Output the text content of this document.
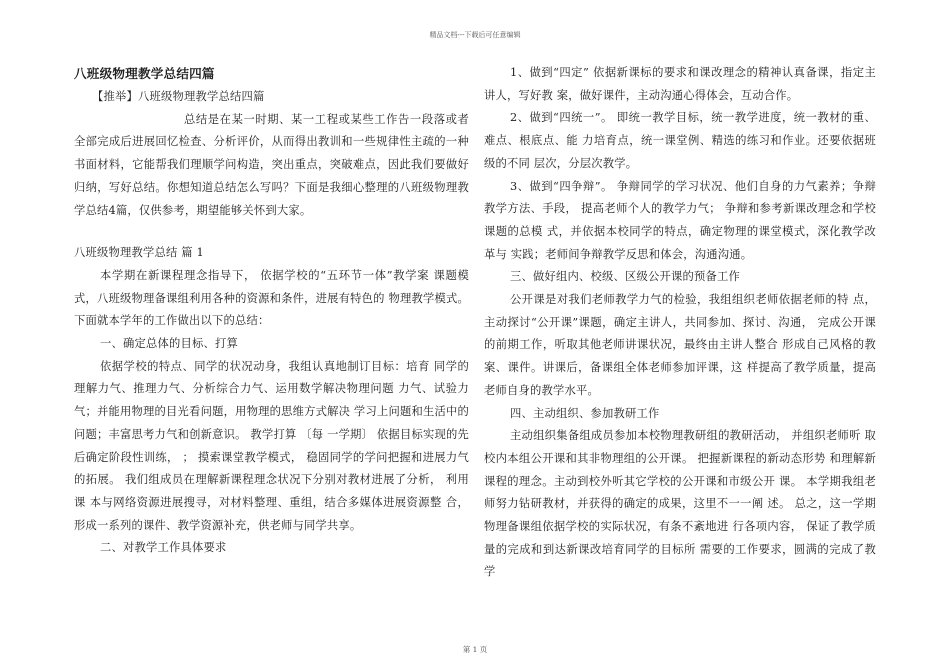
精品文档---下载后可任意编辑

八班级物理教学总结四篇

【推举】八班级物理教学总结四篇

总结是在某一时期、某一工程或某些工作告一段落或者全部完成后进展回忆检查、分析评价，从而得出教训和一些规律性主疏的一种书面材料，它能帮我们理顺学问构造，突出重点，突破难点，因此我们要做好归纳，写好总结。你想知道总结怎么写吗？下面是我细心整理的八班级物理教学总结4篇，仅供参考，期望能够关怀到大家。

八班级物理教学总结 篇 1

本学期在新课程理念指导下， 依据学校的“五环节一体”教学案 课题模式，八班级物理备课组利用各种的资源和条件，进展有特色的 物理教学模式。下面就本学年的工作做出以下的总结：

一、确定总体的目标、打算

依据学校的特点、同学的状况动身，我组认真地制订目标：培育 同学的理解力气、推理力气、分析综合力气、运用数学解决物理问题 力气、试验力气；并能用物理的目光看问题，用物理的思维方式解决 学习上问题和生活中的问题；丰富思考力气和创新意识。 教学打算 〔每 一学期〕 依据目标实现的先后确定阶段性训练， ； 摸索课堂教学模式， 稳固同学的学问把握和进展力气的拓展。 我们组成员在理解新课程理念状况下分别对教材进展了分析， 利用课 本与网络资源进展搜寻，对材料整理、重组，结合多媒体进展资源整 合，形成一系列的课件、教学资源补充，供老师与同学共享。

二、对教学工作具体要求

1、做到“四定” 依据新课标的要求和课改理念的精神认真备课，指定主讲人，写好教 案，做好课件，主动沟通心得体会，互动合作。

2、做到“四统一”。 即统一教学目标，统一教学进度，统一教材的重、难点、根底点、能 力培育点，统一课堂例、精选的练习和作业。还要依据班级的不同 层次，分层次教学。

3、做到“四争辩”。 争辩同学的学习状况、他们自身的力气素养；争辩教学方法、手段， 提高老师个人的教学力气； 争辩和参考新课改理念和学校课题的总模 式，并依据本校同学的特点，确定物理的课堂模式，深化教学改革与 实践；老师间争辩教学反思和体会，沟通沟通。

三、做好组内、校级、区级公开课的预备工作

公开课是对我们老师教学力气的检验，我组组织老师依据老师的特 点，主动探讨“公开课”课题，确定主讲人，共同参加、探讨、沟通， 完成公开课的前期工作，听取其他老师讲课状况，最终由主讲人整合 形成自己风格的教案、课件。讲课后，备课组全体老师参加评课，这 样提高了教学质量，提高老师自身的教学水平。

四、主动组织、参加教研工作

主动组织集备组成员参加本校物理教研组的教研活动， 并组织老师听 取校内本组公开课和其非物理组的公开课。 把握新课程的新动态形势 和理解新课程的理念。主动到校外听其它学校的公开课和市级公开 课。 本学期我组老师努力钻研教材，并获得的确定的成果，这里不一一阐 述。 总之，这一学期物理备课组依据学校的实际状况，有条不紊地进 行各项内容， 保证了教学质量的完成和到达新课改培育同学的目标所 需要的工作要求，圆满的完成了教学

第 1 页
